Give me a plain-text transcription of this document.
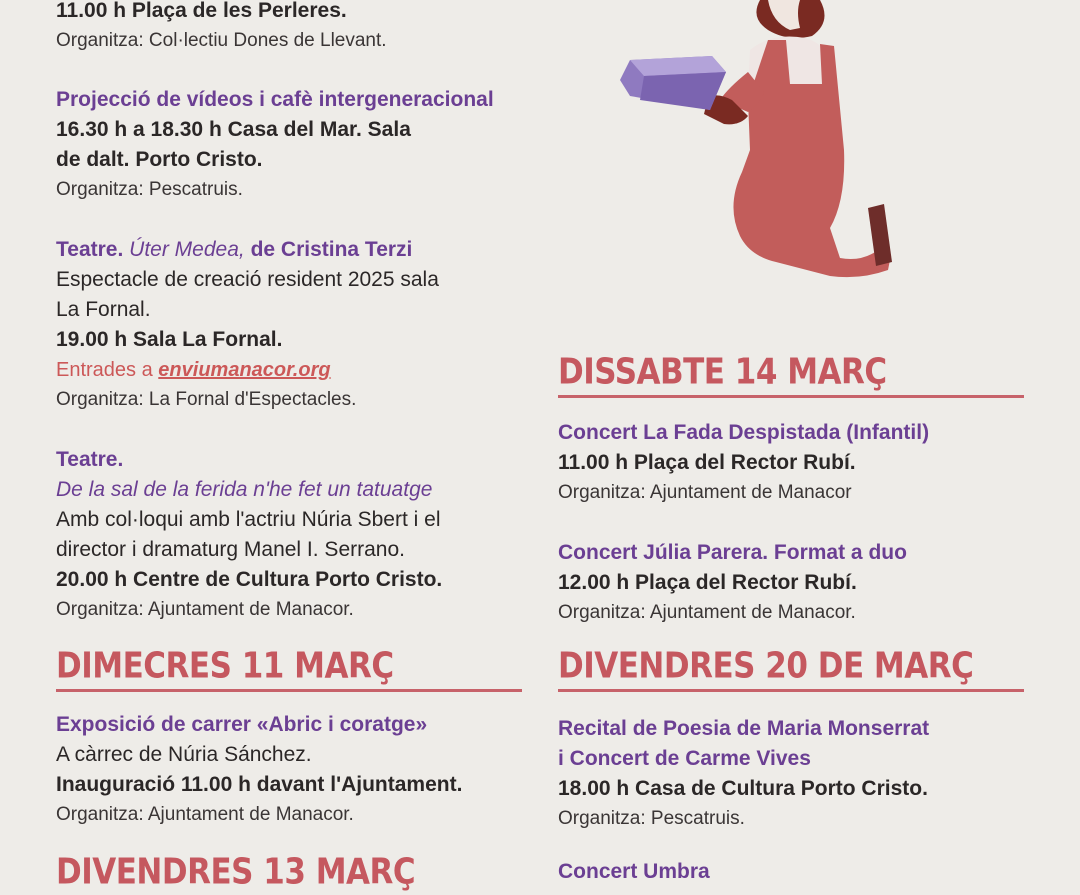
11.00 h Plaça de les Perleres.
Organitza: Col·lectiu Dones de Llevant.
Projecció de vídeos i cafè intergeneracional
16.30 h a 18.30 h Casa del Mar. Sala
de dalt. Porto Cristo.
Organitza: Pescatruis.
Teatre. Úter Medea, de Cristina Terzi
Espectacle de creació resident 2025 sala
La Fornal.
19.00 h Sala La Fornal.
Entrades a enviumanacor.org
Organitza: La Fornal d'Espectacles.
Teatre.
De la sal de la ferida n'he fet un tatuatge
Amb col·loqui amb l'actriu Núria Sbert i el
director i dramaturg Manel I. Serrano.
20.00 h Centre de Cultura Porto Cristo.
Organitza: Ajuntament de Manacor.
DIMECRES 11 MARÇ
Exposició de carrer «Abric i coratge»
A càrrec de Núria Sánchez.
Inauguració 11.00 h davant l'Ajuntament.
Organitza: Ajuntament de Manacor.
DIVENDRES 13 MARÇ
DISSABTE 14 MARÇ
Concert La Fada Despistada (Infantil)
11.00 h Plaça del Rector Rubí.
Organitza: Ajuntament de Manacor
Concert Júlia Parera. Format a duo
12.00 h Plaça del Rector Rubí.
Organitza: Ajuntament de Manacor.
DIVENDRES 20 DE MARÇ
Recital de Poesia de Maria Monserrat
i Concert de Carme Vives
18.00 h Casa de Cultura Porto Cristo.
Organitza: Pescatruis.
Concert Umbra
